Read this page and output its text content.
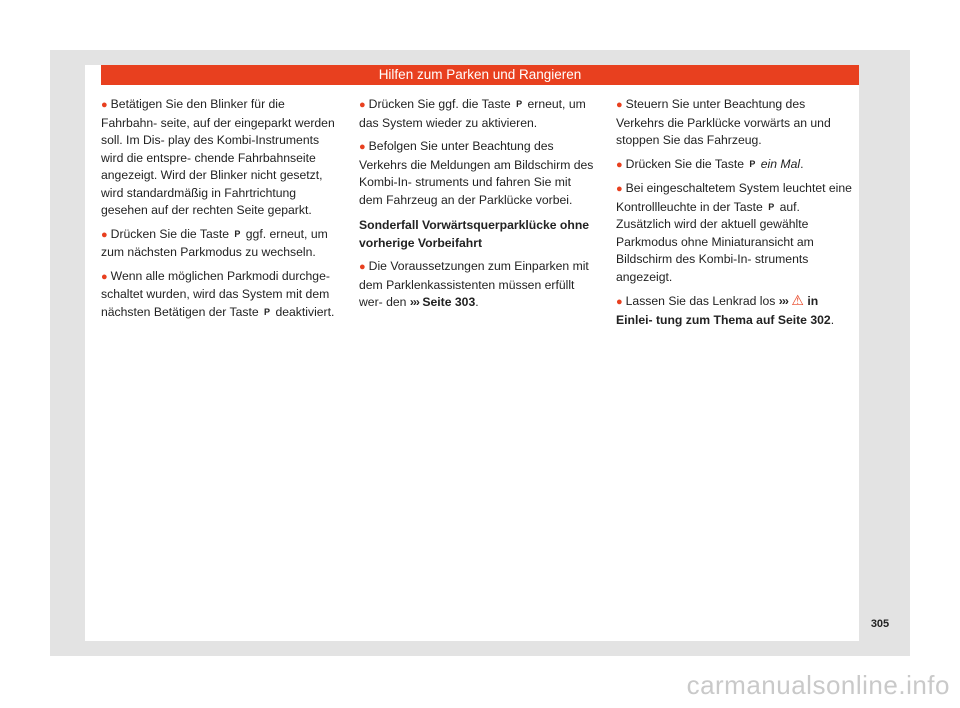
Hilfen zum Parken und Rangieren

● Betätigen Sie den Blinker für die Fahrbahn- seite, auf der eingeparkt werden soll. Im Dis- play des Kombi-Instruments wird die entspre- chende Fahrbahnseite angezeigt. Wird der Blinker nicht gesetzt, wird standardmäßig in Fahrtrichtung gesehen auf der rechten Seite geparkt.

● Drücken Sie die Taste P ggf. erneut, um zum nächsten Parkmodus zu wechseln.

● Wenn alle möglichen Parkmodi durchge- schaltet wurden, wird das System mit dem nächsten Betätigen der Taste P deaktiviert.

● Drücken Sie ggf. die Taste P erneut, um das System wieder zu aktivieren.

● Befolgen Sie unter Beachtung des Verkehrs die Meldungen am Bildschirm des Kombi-In- struments und fahren Sie mit dem Fahrzeug an der Parklücke vorbei.

Sonderfall Vorwärtsquerparklücke ohne vorherige Vorbeifahrt

● Die Voraussetzungen zum Einparken mit dem Parklenkassistenten müssen erfüllt wer- den ››› Seite 303.

● Steuern Sie unter Beachtung des Verkehrs die Parklücke vorwärts an und stoppen Sie das Fahrzeug.

● Drücken Sie die Taste P ein Mal.

● Bei eingeschaltetem System leuchtet eine Kontrollleuchte in der Taste P auf. Zusätzlich wird der aktuell gewählte Parkmodus ohne Miniaturansicht am Bildschirm des Kombi-In- struments angezeigt.

● Lassen Sie das Lenkrad los ››› ⚠ in Einlei- tung zum Thema auf Seite 302.

305
carmanualsonline.info
